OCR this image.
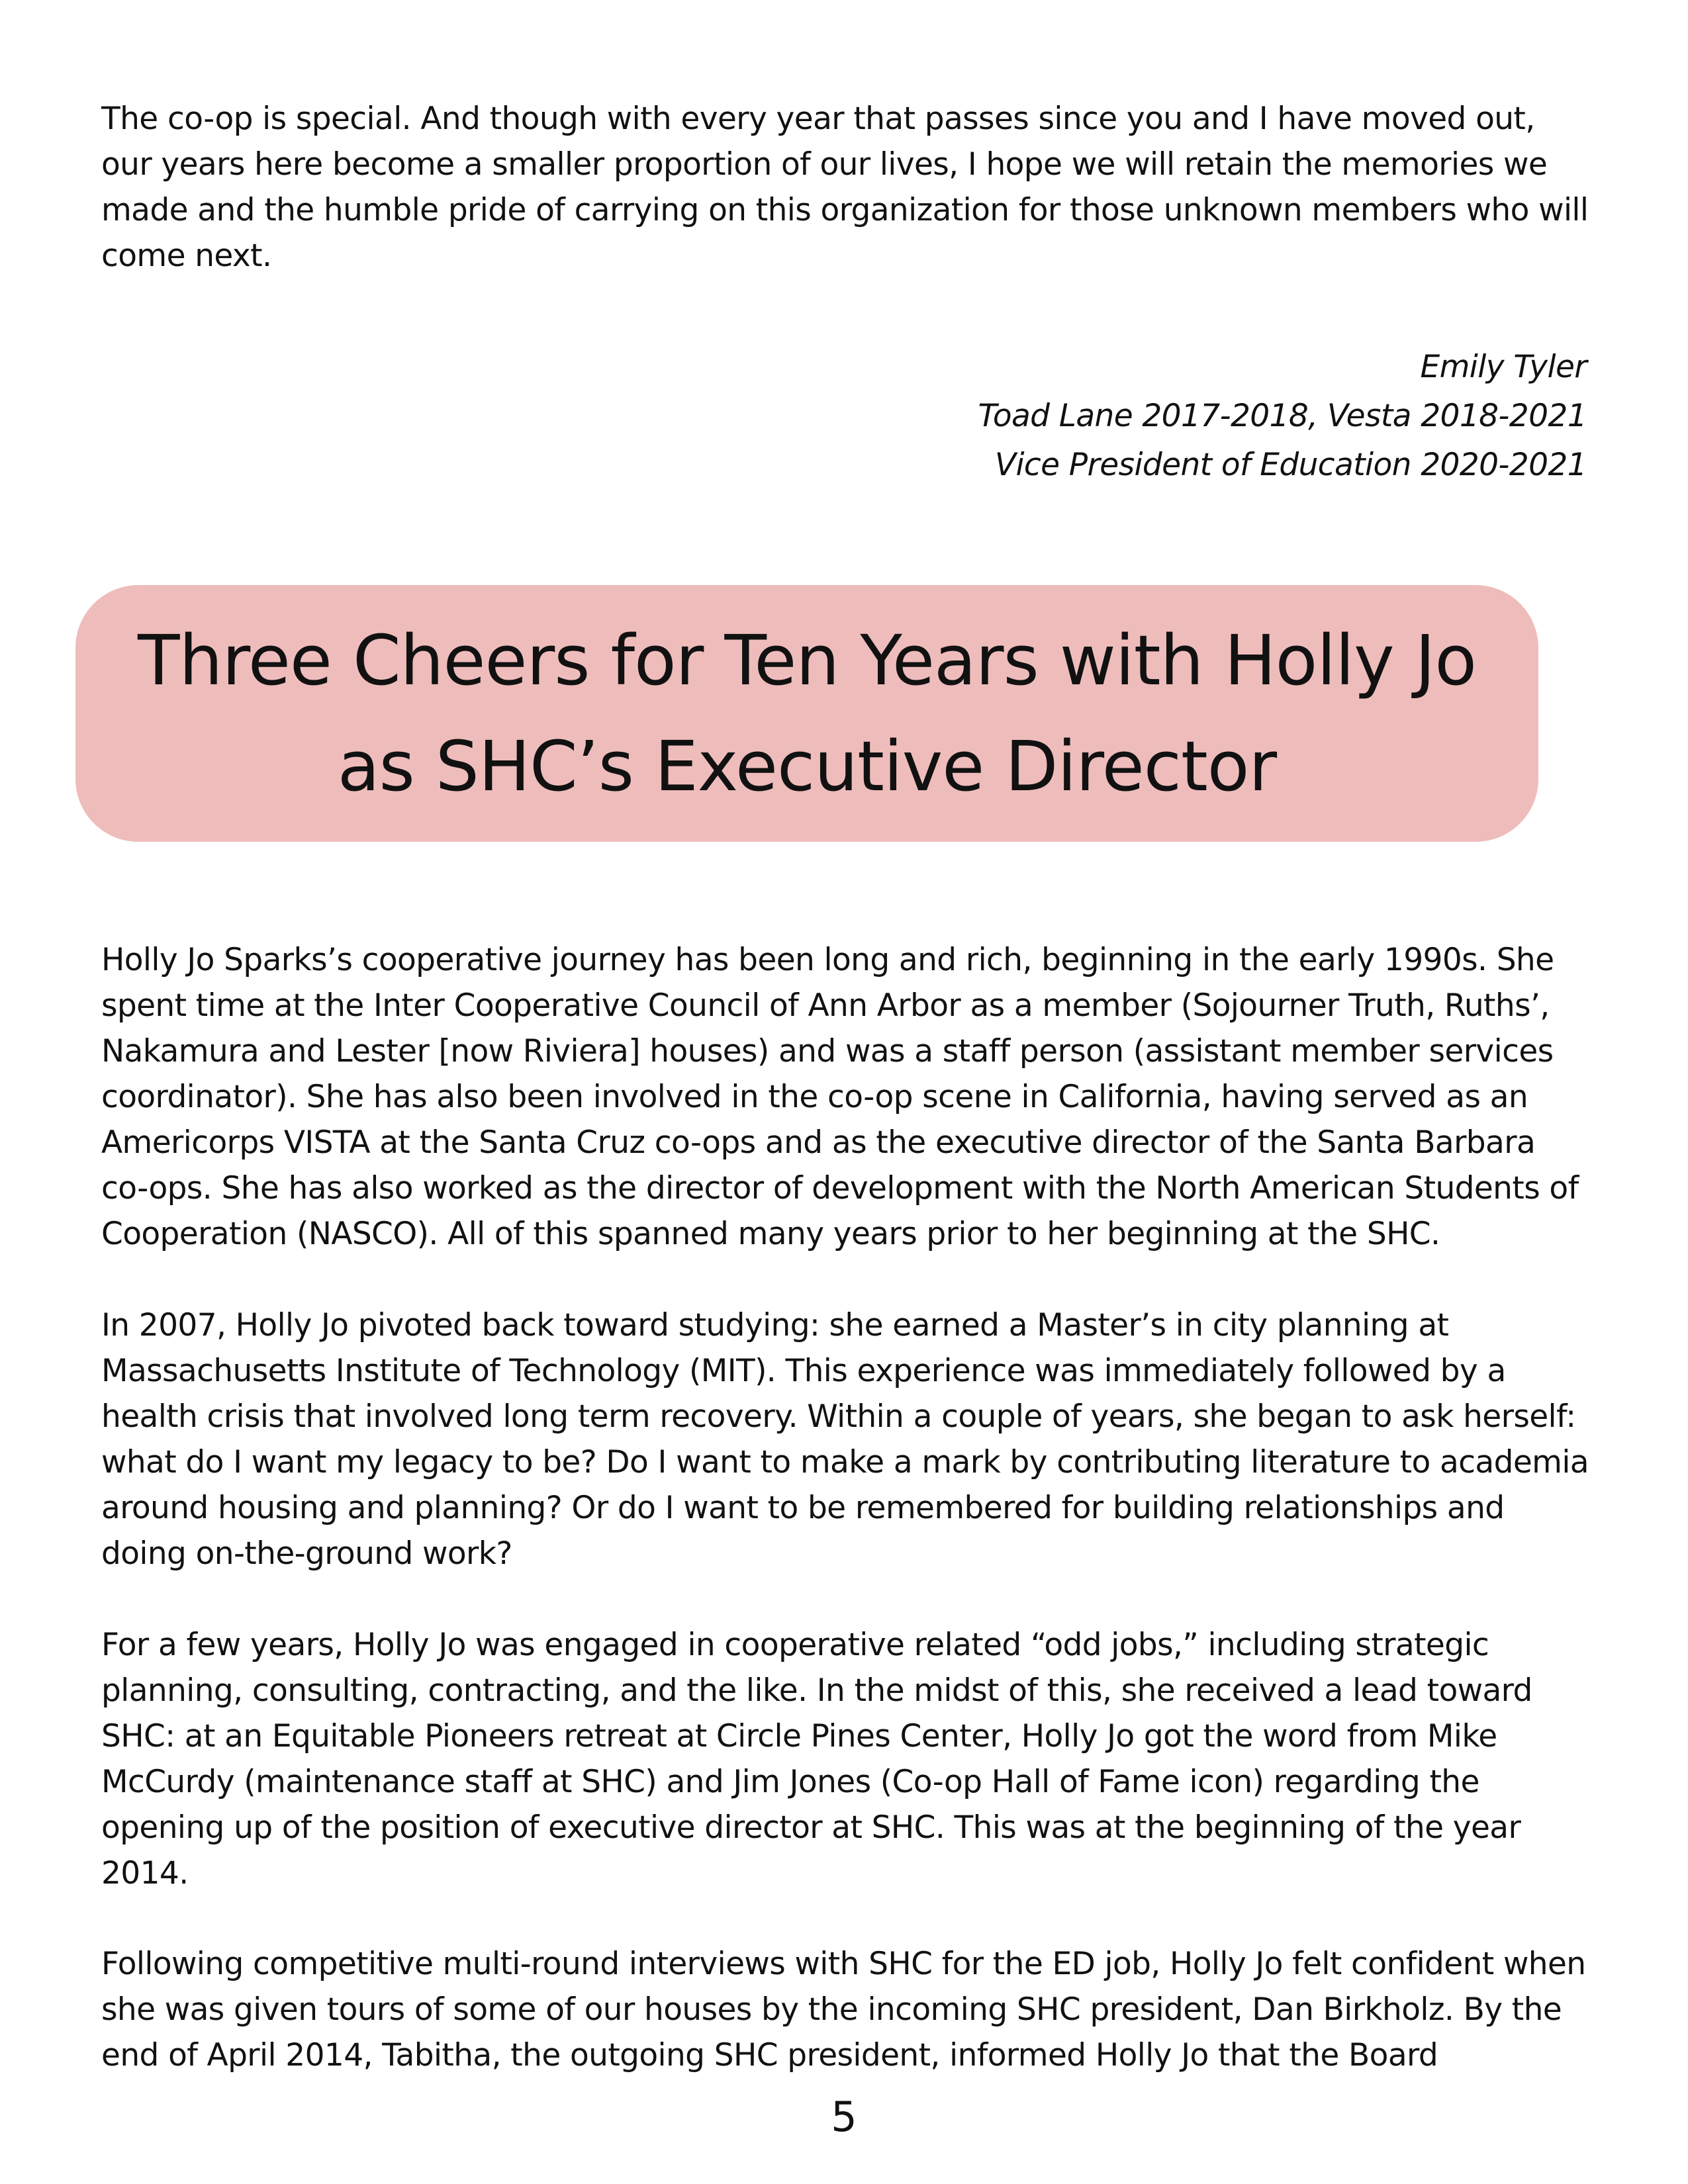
The co-op is special. And though with every year that passes since you and I have moved out, our years here become a smaller proportion of our lives, I hope we will retain the memories we made and the humble pride of carrying on this organization for those unknown members who will come next.

Emily Tyler
Toad Lane 2017-2018, Vesta 2018-2021
Vice President of Education 2020-2021
Three Cheers for Ten Years with Holly Jo as SHC’s Executive Director

Holly Jo Sparks’s cooperative journey has been long and rich, beginning in the early 1990s. She spent time at the Inter Cooperative Council of Ann Arbor as a member (Sojourner Truth, Ruths’, Nakamura and Lester [now Riviera] houses) and was a staff person (assistant member services coordinator). She has also been involved in the co-op scene in California, having served as an Americorps VISTA at the Santa Cruz co-ops and as the executive director of the Santa Barbara co-ops. She has also worked as the director of development with the North American Students of Cooperation (NASCO). All of this spanned many years prior to her beginning at the SHC.

In 2007, Holly Jo pivoted back toward studying: she earned a Master’s in city planning at Massachusetts Institute of Technology (MIT). This experience was immediately followed by a health crisis that involved long term recovery. Within a couple of years, she began to ask herself: what do I want my legacy to be? Do I want to make a mark by contributing literature to academia around housing and planning? Or do I want to be remembered for building relationships and doing on-the-ground work?

For a few years, Holly Jo was engaged in cooperative related “odd jobs,” including strategic planning, consulting, contracting, and the like. In the midst of this, she received a lead toward SHC: at an Equitable Pioneers retreat at Circle Pines Center, Holly Jo got the word from Mike McCurdy (maintenance staff at SHC) and Jim Jones (Co-op Hall of Fame icon) regarding the opening up of the position of executive director at SHC. This was at the beginning of the year 2014.

Following competitive multi-round interviews with SHC for the ED job, Holly Jo felt confident when she was given tours of some of our houses by the incoming SHC president, Dan Birkholz. By the end of April 2014, Tabitha, the outgoing SHC president, informed Holly Jo that the Board

5
